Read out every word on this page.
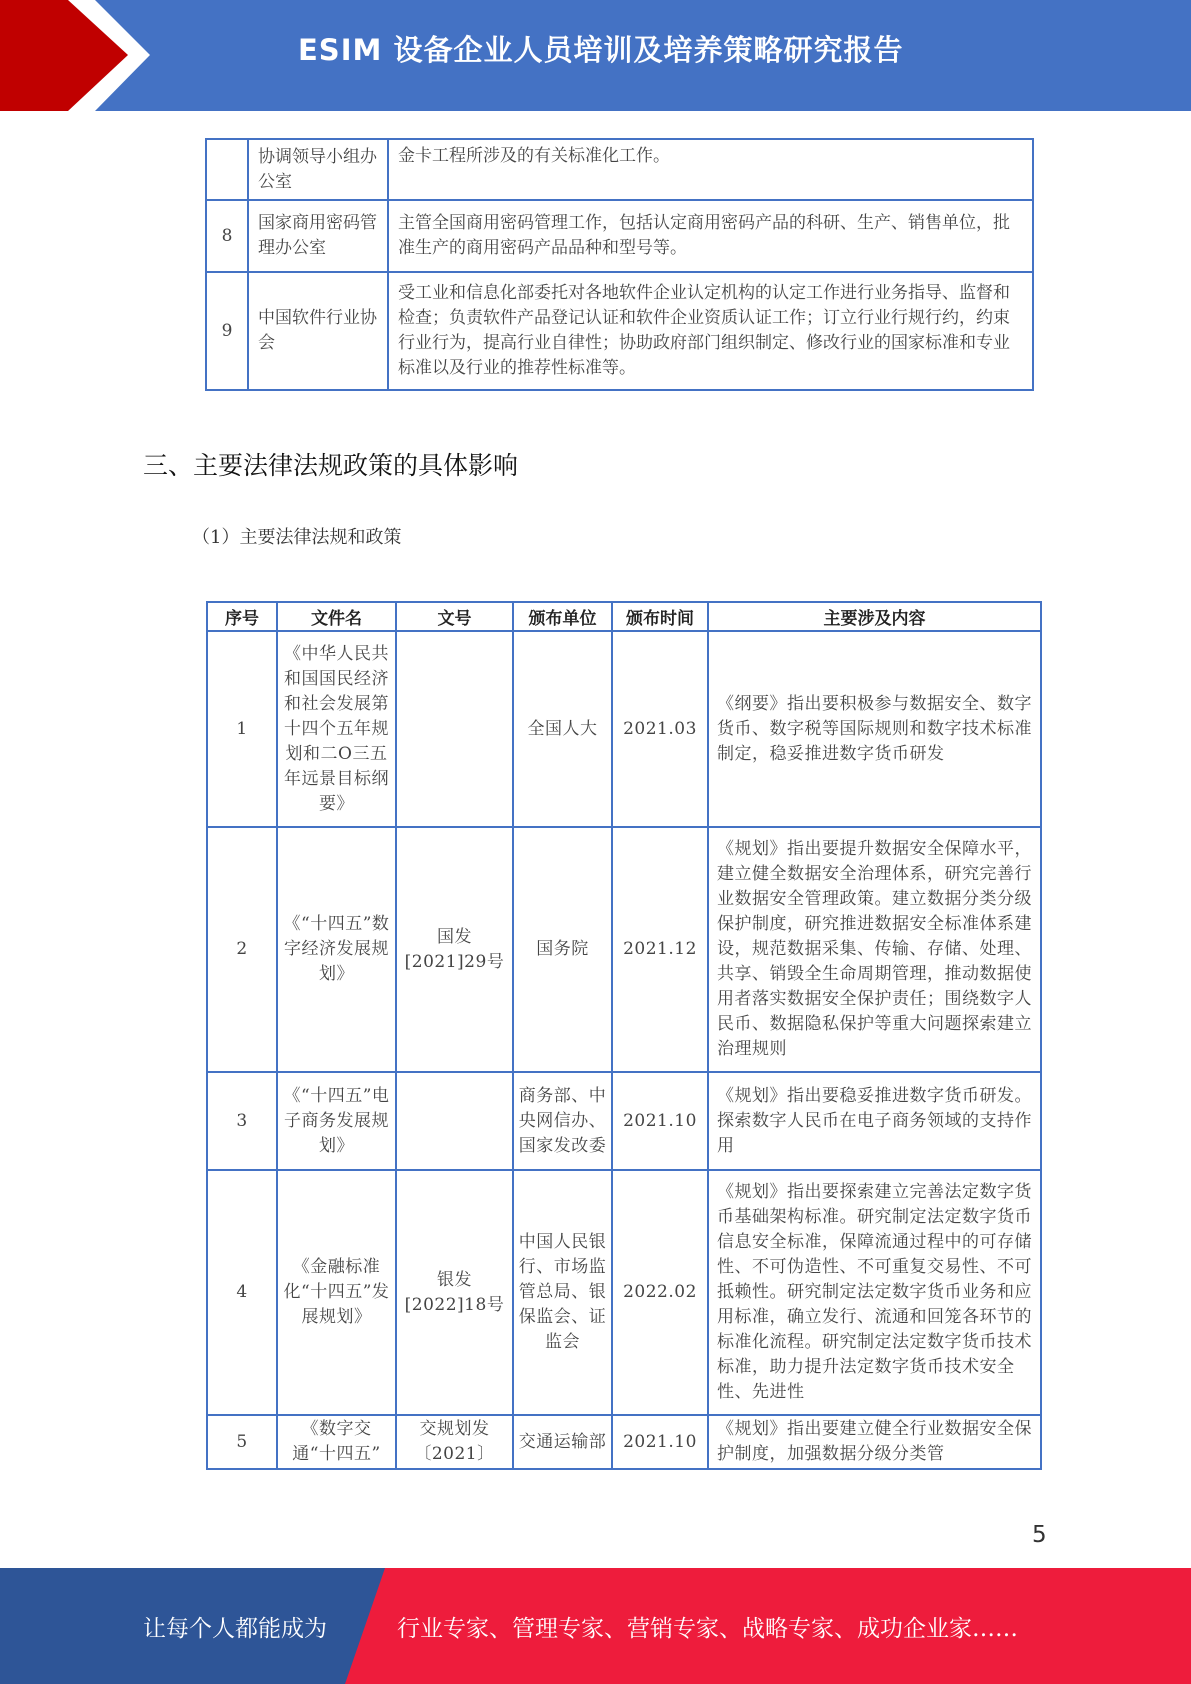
ESIM 设备企业人员培训及培养策略研究报告
	协调领导小组办公室	金卡工程所涉及的有关标准化工作。
8	国家商用密码管理办公室	主管全国商用密码管理工作，包括认定商用密码产品的科研、生产、销售单位，批准生产的商用密码产品品种和型号等。
9	中国软件行业协会	受工业和信息化部委托对各地软件企业认定机构的认定工作进行业务指导、监督和检查；负责软件产品登记认证和软件企业资质认证工作；订立行业行规行约，约束行业行为，提高行业自律性；协助政府部门组织制定、修改行业的国家标准和专业标准以及行业的推荐性标准等。
三、主要法律法规政策的具体影响
（1）主要法律法规和政策
序号	文件名	文号	颁布单位	颁布时间	主要涉及内容
1	《中华人民共和国国民经济和社会发展第十四个五年规划和二O三五年远景目标纲要》		全国人大	2021.03	《纲要》指出要积极参与数据安全、数字货币、数字税等国际规则和数字技术标准制定，稳妥推进数字货币研发
2	《“十四五”数字经济发展规划》	国发[2021]29号	国务院	2021.12	《规划》指出要提升数据安全保障水平，建立健全数据安全治理体系，研究完善行业数据安全管理政策。建立数据分类分级保护制度，研究推进数据安全标准体系建设，规范数据采集、传输、存储、处理、共享、销毁全生命周期管理，推动数据使用者落实数据安全保护责任；围绕数字人民币、数据隐私保护等重大问题探索建立治理规则
3	《“十四五”电子商务发展规划》		商务部、中央网信办、国家发改委	2021.10	《规划》指出要稳妥推进数字货币研发。探索数字人民币在电子商务领域的支持作用
4	《金融标准化“十四五”发展规划》	银发[2022]18号	中国人民银行、市场监管总局、银保监会、证监会	2022.02	《规划》指出要探索建立完善法定数字货币基础架构标准。研究制定法定数字货币信息安全标准，保障流通过程中的可存储性、不可伪造性、不可重复交易性、不可抵赖性。研究制定法定数字货币业务和应用标准，确立发行、流通和回笼各环节的标准化流程。研究制定法定数字货币技术标准，助力提升法定数字货币技术安全性、先进性
5	《数字交通“十四五”	交规划发〔2021〕	交通运输部	2021.10	《规划》指出要建立健全行业数据安全保护制度，加强数据分级分类管
5
让每个人都能成为	行业专家、管理专家、营销专家、战略专家、成功企业家……
